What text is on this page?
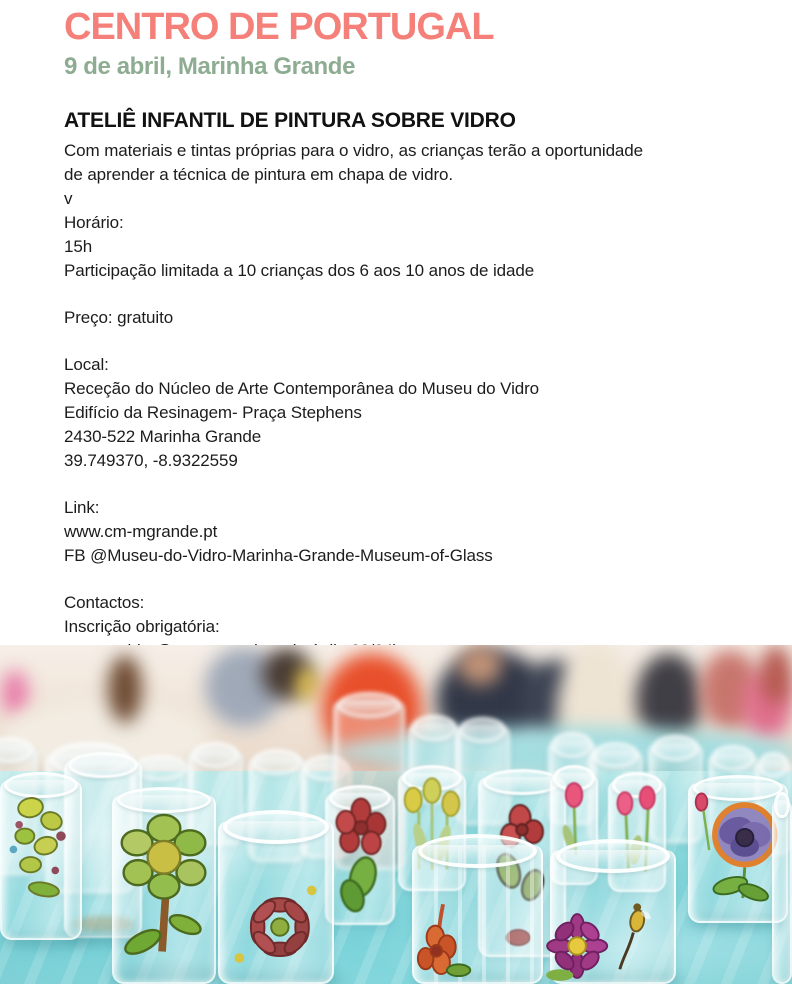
CENTRO DE PORTUGAL
9 de abril, Marinha Grande
ATELIÊ INFANTIL DE PINTURA SOBRE VIDRO

Com materiais e tintas próprias para o vidro, as crianças terão a oportunidade
de aprender a técnica de pintura em chapa de vidro.
v
Horário:
15h
Participação limitada a 10 crianças dos 6 aos 10 anos de idade

Preço: gratuito

Local:
Receção do Núcleo de Arte Contemporânea do Museu do Vidro
Edifício da Resinagem- Praça Stephens
2430-522 Marinha Grande
39.749370, -8.9322559

Link:
www.cm-mgrande.pt
FB @Museu-do-Vidro-Marinha-Grande-Museum-of-Glass

Contactos:
Inscrição obrigatória:
